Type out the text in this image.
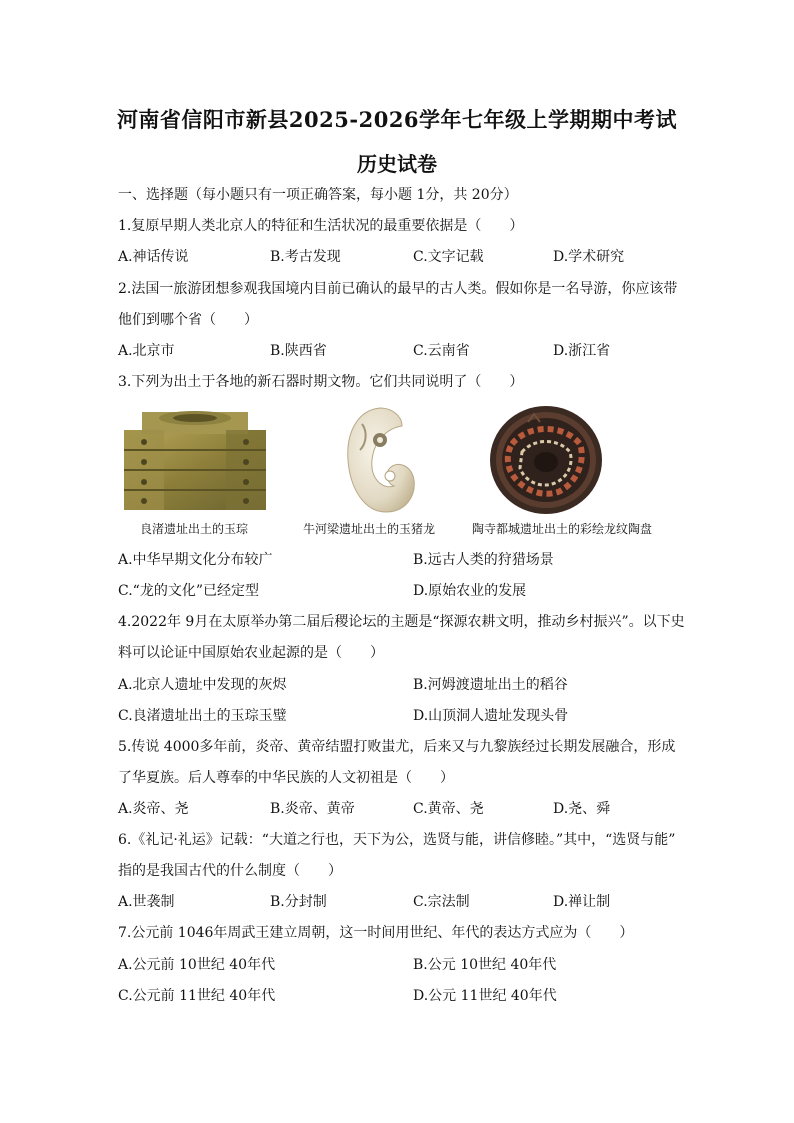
河南省信阳市新县2025-2026学年七年级上学期期中考试
历史试卷
一、选择题（每小题只有一项正确答案，每小题 1分，共 20分）
1.复原早期人类北京人的特征和生活状况的最重要依据是（　　）
A.神话传说	B.考古发现	C.文字记载	D.学术研究
2.法国一旅游团想参观我国境内目前已确认的最早的古人类。假如你是一名导游，你应该带
他们到哪个省（　　）
A.北京市	B.陕西省	C.云南省	D.浙江省
3.下列为出土于各地的新石器时期文物。它们共同说明了（　　）
良渚遗址出土的玉琮	牛河梁遗址出土的玉猪龙	陶寺都城遗址出土的彩绘龙纹陶盘
A.中华早期文化分布较广	B.远古人类的狩猎场景
C.“龙的文化”已经定型	D.原始农业的发展
4.2022年 9月在太原举办第二届后稷论坛的主题是“探源农耕文明，推动乡村振兴”。以下史
料可以论证中国原始农业起源的是（　　）
A.北京人遗址中发现的灰烬	B.河姆渡遗址出土的稻谷
C.良渚遗址出土的玉琮玉璧	D.山顶洞人遗址发现头骨
5.传说 4000多年前，炎帝、黄帝结盟打败蚩尤，后来又与九黎族经过长期发展融合，形成
了华夏族。后人尊奉的中华民族的人文初祖是（　　）
A.炎帝、尧	B.炎帝、黄帝	C.黄帝、尧	D.尧、舜
6.《礼记·礼运》记载：“大道之行也，天下为公，选贤与能，讲信修睦。”其中，“选贤与能”
指的是我国古代的什么制度（　　）
A.世袭制	B.分封制	C.宗法制	D.禅让制
7.公元前 1046年周武王建立周朝，这一时间用世纪、年代的表达方式应为（　　）
A.公元前 10世纪 40年代	B.公元 10世纪 40年代
C.公元前 11世纪 40年代	D.公元 11世纪 40年代
